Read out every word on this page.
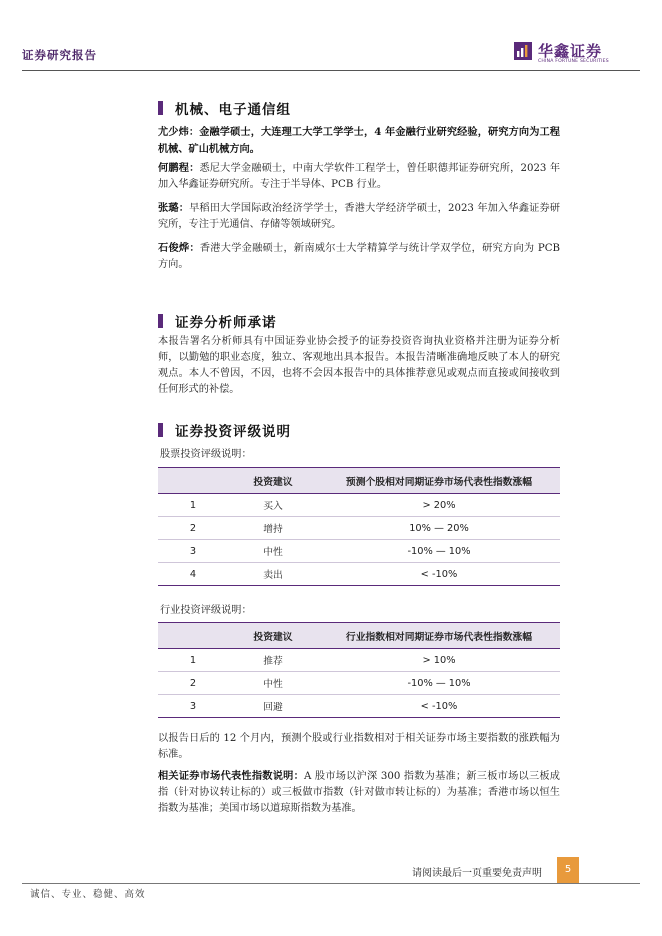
证券研究报告	华鑫证券
CHINA FORTUNE SECURITIES
机械、电子通信组
尤少炜：金融学硕士，大连理工大学工学学士，4 年金融行业研究经验，研究方向为工程机械、矿山机械方向。
何鹏程：悉尼大学金融硕士，中南大学软件工程学士，曾任职德邦证券研究所，2023 年加入华鑫证券研究所。专注于半导体、PCB 行业。
张璐：早稻田大学国际政治经济学学士，香港大学经济学硕士，2023 年加入华鑫证券研究所，专注于光通信、存储等领域研究。
石俊烨：香港大学金融硕士，新南威尔士大学精算学与统计学双学位，研究方向为 PCB 方向。
证券分析师承诺
本报告署名分析师具有中国证券业协会授予的证券投资咨询执业资格并注册为证券分析师，以勤勉的职业态度，独立、客观地出具本报告。本报告清晰准确地反映了本人的研究观点。本人不曾因，不因，也将不会因本报告中的具体推荐意见或观点而直接或间接收到任何形式的补偿。
证券投资评级说明
股票投资评级说明：
	投资建议	预测个股相对同期证券市场代表性指数涨幅
1	买入	> 20%
2	增持	10% — 20%
3	中性	-10% — 10%
4	卖出	< -10%
行业投资评级说明：
	投资建议	行业指数相对同期证券市场代表性指数涨幅
1	推荐	> 10%
2	中性	-10% — 10%
3	回避	< -10%
以报告日后的 12 个月内，预测个股或行业指数相对于相关证券市场主要指数的涨跌幅为标准。
相关证券市场代表性指数说明：A 股市场以沪深 300 指数为基准；新三板市场以三板成指（针对协议转让标的）或三板做市指数（针对做市转让标的）为基准；香港市场以恒生指数为基准；美国市场以道琼斯指数为基准。
请阅读最后一页重要免责声明	5
诚信、专业、稳健、高效
